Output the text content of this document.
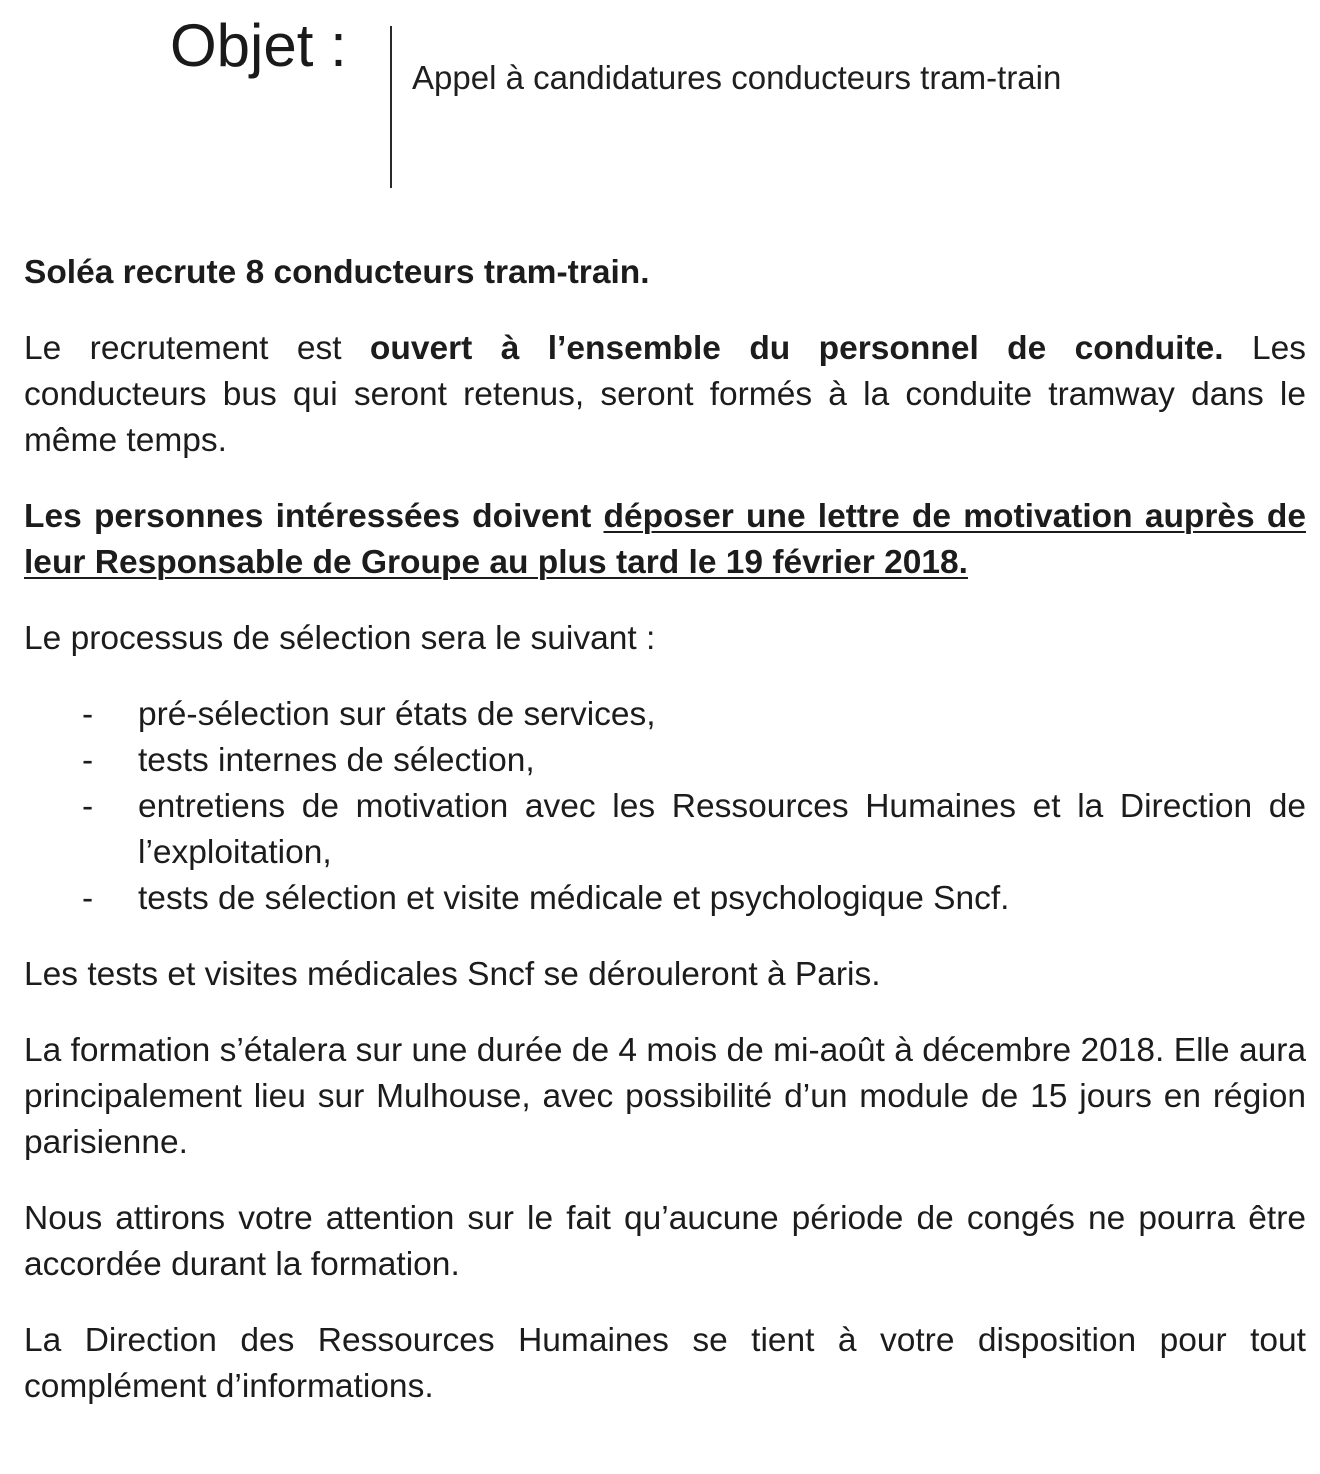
Objet : Appel à candidatures conducteurs tram-train

Soléa recrute 8 conducteurs tram-train.

Le recrutement est ouvert à l’ensemble du personnel de conduite. Les conducteurs bus qui seront retenus, seront formés à la conduite tramway dans le même temps.

Les personnes intéressées doivent déposer une lettre de motivation auprès de leur Responsable de Groupe au plus tard le 19 février 2018.

Le processus de sélection sera le suivant :

- pré-sélection sur états de services,
- tests internes de sélection,
- entretiens de motivation avec les Ressources Humaines et la Direction de l’exploitation,
- tests de sélection et visite médicale et psychologique Sncf.

Les tests et visites médicales Sncf se dérouleront à Paris.

La formation s’étalera sur une durée de 4 mois de mi-août à décembre 2018. Elle aura principalement lieu sur Mulhouse, avec possibilité d’un module de 15 jours en région parisienne.

Nous attirons votre attention sur le fait qu’aucune période de congés ne pourra être accordée durant la formation.

La Direction des Ressources Humaines se tient à votre disposition pour tout complément d’informations.
